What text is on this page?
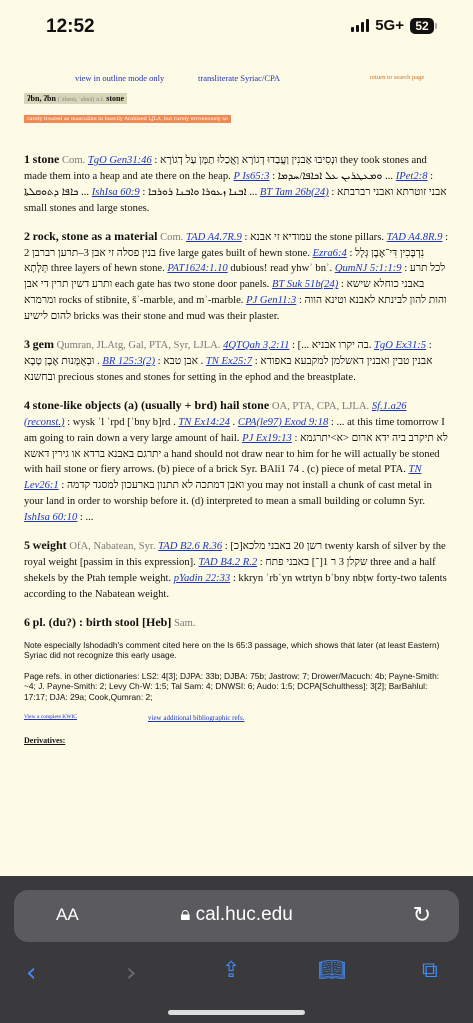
12:52	5G+ 52
view in outline mode only	transliterate Syriac/CPA	return to search page
ʔbn, ʔbn (ʾābenā, ʾabnā) n.f. stone
rarely treated as masculine in heavily Arabized LJLA, but rarely erroneously so
1 stone Com. TgO Gen31:46 : וּנְסִיבוּ אַבנִין וַעֲבַדוּ דְגוֹרָא וַאֲכַלוּ תַמָּן עַל דְגוֹרָא they took stones and made them into a heap and ate there on the heap. P Is65:3 : ܘܡܥܛܪܝܢ ܥܠ ܐܟܐܦܐ/ܚܕܡܐ ... IPet2:8 : ܟܐܦܐ ܕܬܘܩܠܬܐ ... IshIsa 60:9 : ܐܒܢܐ ܙܥܘܪܐ ܘܐܒܢܐ ܪܘܪܒܐ ... BT Tam 26b(24) : אבני זוטרתא ואבני רברבתא small stones and large stones.
2 rock, stone as a material Com. TAD A4.7R.9 : עמודיא זי אבנא the stone pillars. TAD A4.8R.9 : תרען רברבן 2‎–3 בנין פסלה זי אבן five large gates built of hewn stone. Ezra6:4 : נִדְבָּכִין דִּי־אֶבֶן גְּלָל תְּלָתָא three layers of hewn stone. PAT1624:1.10 dubious! read yhwʾ bnʾ. QumNJ 5:1:1:9 : לכל תרע ותרע דשין תרין די אבן each gate has two stone door panels. BT Suk 51b(24) : באבני כוחלא שישא ומרמרא rocks of stibnite, šʾ-marble, and mʾ-marble. PJ Gen11:3 : והות להון לבינתא לאבנא וטינא הווה להום לישיע bricks was their stone and mud was their plaster.
3 gem Qumran, JLAtg, Gal, PTA, Syr, LJLA. 4QTQah 3,2:11 : [... בה יקרו אבניא. TgO Ex31:5 : וּבְאֻמָּנוּת אֶבֶן טָבָא . BR 125:3(2) : אבן טבא . TN Ex25:7 : אבנין טבין ואבנין דאשלמן למקבעא באפודא ובחשנא precious stones and stones for setting in the ephod and the breastplate.
4 stone-like objects (a) (usually + brd) hail stone OA, PTA, CPA, LJLA. Sf.1.a26 (reconst.) : wysk ʿl ʿrpd [ʾbny b]rd . TN Ex14:24 . CPA(le97) Exod 9:18 : ... at this time tomorrow I am going to rain down a very large amount of hail. PJ Ex19:13 : לא תיקרב ביה ידא ארום <א>יתרגמא יתרגם באבנא ברדא או גירין דאשא a hand should not draw near to him for he will actually be stoned with hail stone or fiery arrows. (b) piece of a brick Syr. BAli1 74 . (c) piece of metal PTA. TN Lev26:1 : ואבן דמתכה לא תתנון בארעכון למסגד קדמה you may not install a chunk of cast metal in your land in order to worship before it. (d) interpreted to mean a small building or column Syr. IshIsa 60:10 : ...
5 weight OfA, Nabatean, Syr. TAD B2.6 R.36 : [כ]רשן 20 באבני מלכא twenty karsh of silver by the royal weight [passim in this expression]. TAD B4.2 R.2 : שקלן 3 ר 1[־] באבני פתח three and a half shekels by the Ptah temple weight. pYadin 22:33 : kkryn ʿrbʿyn wtrtyn bʾbny nbṭw forty-two talents according to the Nabatean weight.
6 pl. (du?) : birth stool [Heb] Sam.
Note especially Ishodadh's comment cited here on the Is 65:3 passage, which shows that later (at least Eastern) Syriac did not recognize this early usage.
Page refs. in other dictionaries: LS2: 4[3]; DJPA: 33b; DJBA: 75b; Jastrow: 7; Drower/Macuch: 4b; Payne-Smith: ~4; J. Payne-Smith: 2; Levy Ch-W: 1:5; Tal Sam: 4; DNWSI: 6; Audo: 1:5; DCPA[Schulthess]: 3[2]; BarBahlul: 17:17; DJA: 29a; Cook,Qumran: 2;
View a complete KWIC	view additional bibliographic refs.
Derivatives:
AA	🔒︎ cal.huc.edu	↻
‹	›	⇪	📖︎	⧉
